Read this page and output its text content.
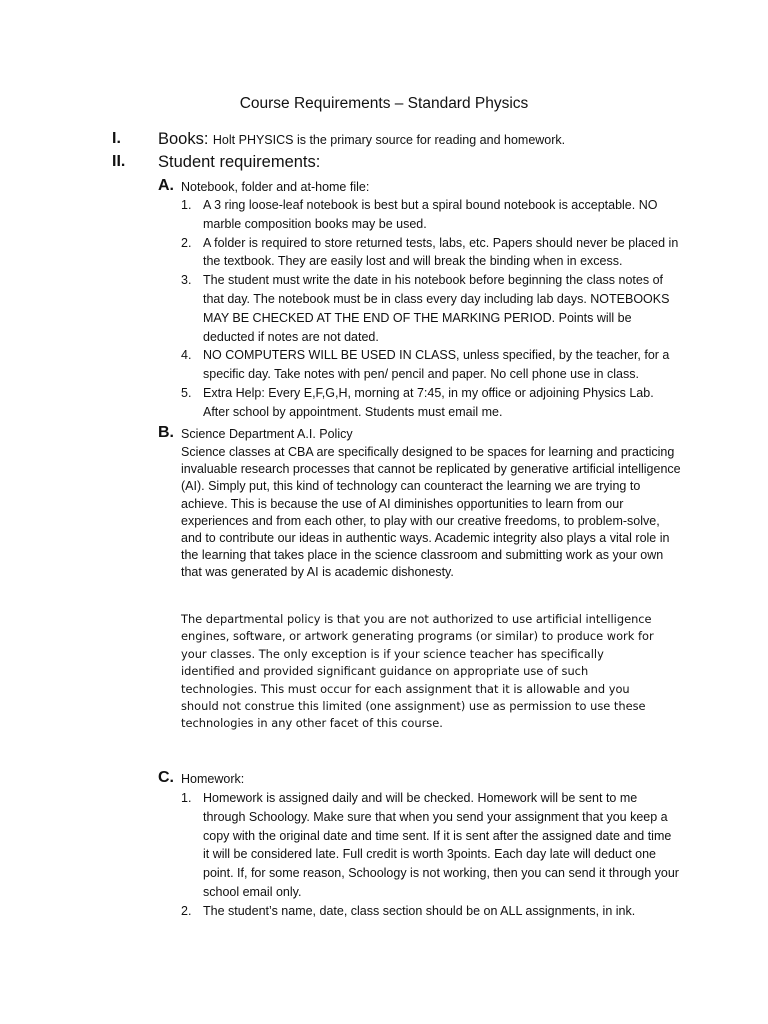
Course Requirements – Standard Physics
I. Books: Holt PHYSICS is the primary source for reading and homework.
II. Student requirements:
A. Notebook, folder and at-home file:
1. A 3 ring loose-leaf notebook is best but a spiral bound notebook is acceptable. NO marble composition books may be used.
2. A folder is required to store returned tests, labs, etc. Papers should never be placed in the textbook. They are easily lost and will break the binding when in excess.
3. The student must write the date in his notebook before beginning the class notes of that day. The notebook must be in class every day including lab days. NOTEBOOKS MAY BE CHECKED AT THE END OF THE MARKING PERIOD. Points will be deducted if notes are not dated.
4. NO COMPUTERS WILL BE USED IN CLASS, unless specified, by the teacher, for a specific day. Take notes with pen/ pencil and paper. No cell phone use in class.
5. Extra Help: Every E,F,G,H, morning at 7:45, in my office or adjoining Physics Lab. After school by appointment. Students must email me.
B. Science Department A.I. Policy
Science classes at CBA are specifically designed to be spaces for learning and practicing invaluable research processes that cannot be replicated by generative artificial intelligence (AI). Simply put, this kind of technology can counteract the learning we are trying to achieve. This is because the use of AI diminishes opportunities to learn from our experiences and from each other, to play with our creative freedoms, to problem-solve, and to contribute our ideas in authentic ways. Academic integrity also plays a vital role in the learning that takes place in the science classroom and submitting work as your own that was generated by AI is academic dishonesty.
The departmental policy is that you are not authorized to use artificial intelligence engines, software, or artwork generating programs (or similar) to produce work for your classes. The only exception is if your science teacher has specifically identified and provided significant guidance on appropriate use of such technologies. This must occur for each assignment that it is allowable and you should not construe this limited (one assignment) use as permission to use these technologies in any other facet of this course.
C. Homework:
1. Homework is assigned daily and will be checked. Homework will be sent to me through Schoology. Make sure that when you send your assignment that you keep a copy with the original date and time sent. If it is sent after the assigned date and time it will be considered late. Full credit is worth 3points. Each day late will deduct one point. If, for some reason, Schoology is not working, then you can send it through your school email only.
2. The student’s name, date, class section should be on ALL assignments, in ink.
